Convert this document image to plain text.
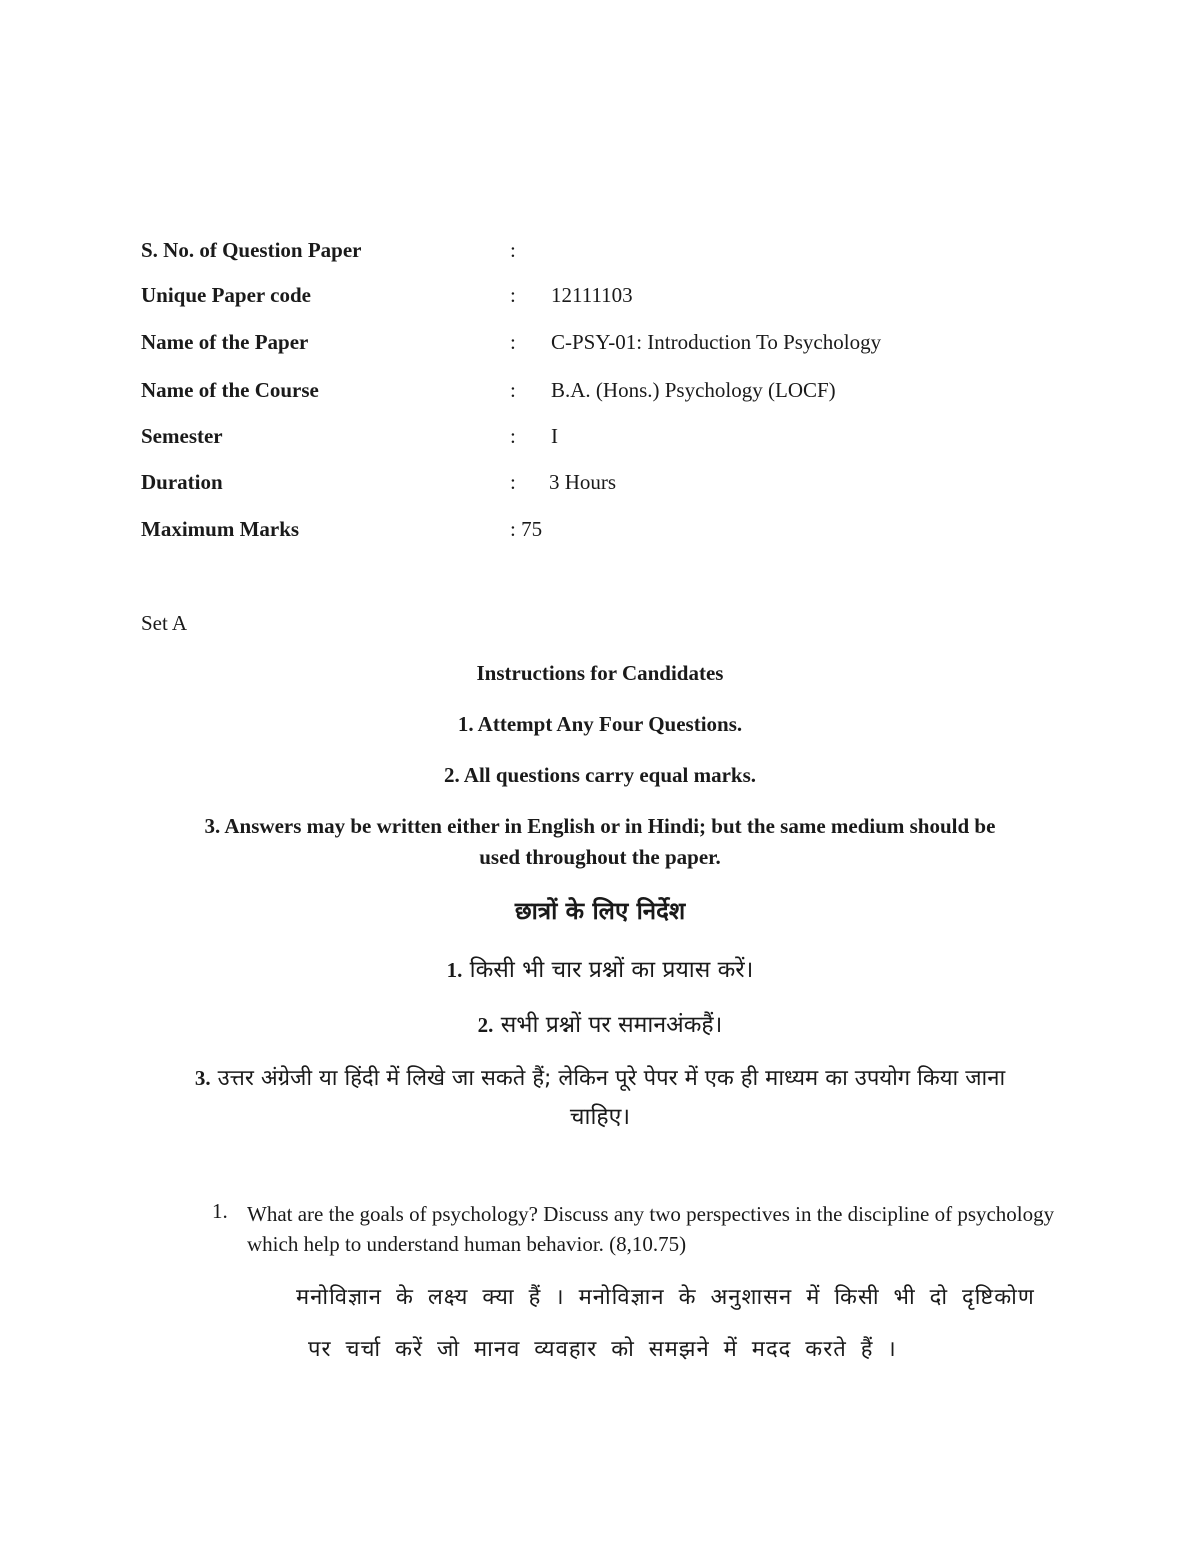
S. No. of Question Paper	:
Unique Paper code	: 12111103
Name of the Paper	: C-PSY-01: Introduction To Psychology
Name of the Course	: B.A. (Hons.) Psychology (LOCF)
Semester	: I
Duration	: 3 Hours
Maximum Marks	: 75
Set A
Instructions for Candidates
1. Attempt Any Four Questions.
2. All questions carry equal marks.
3. Answers may be written either in English or in Hindi; but the same medium should be
used throughout the paper.
छात्रों के लिए निर्देश
1. किसी भी चार प्रश्नों का प्रयास करें।
2. सभी प्रश्नों पर समानअंकहैं।
3. उत्तर अंग्रेजी या हिंदी में लिखे जा सकते हैं; लेकिन पूरे पेपर में एक ही माध्यम का उपयोग किया जाना
चाहिए।
1. What are the goals of psychology? Discuss any two perspectives in the discipline of psychology which help to understand human behavior. (8,10.75)
मनोविज्ञान के लक्ष्य क्या हैं । मनोविज्ञान के अनुशासन में किसी भी दो दृष्टिकोण
पर चर्चा करें जो मानव व्यवहार को समझने में मदद करते हैं ।
